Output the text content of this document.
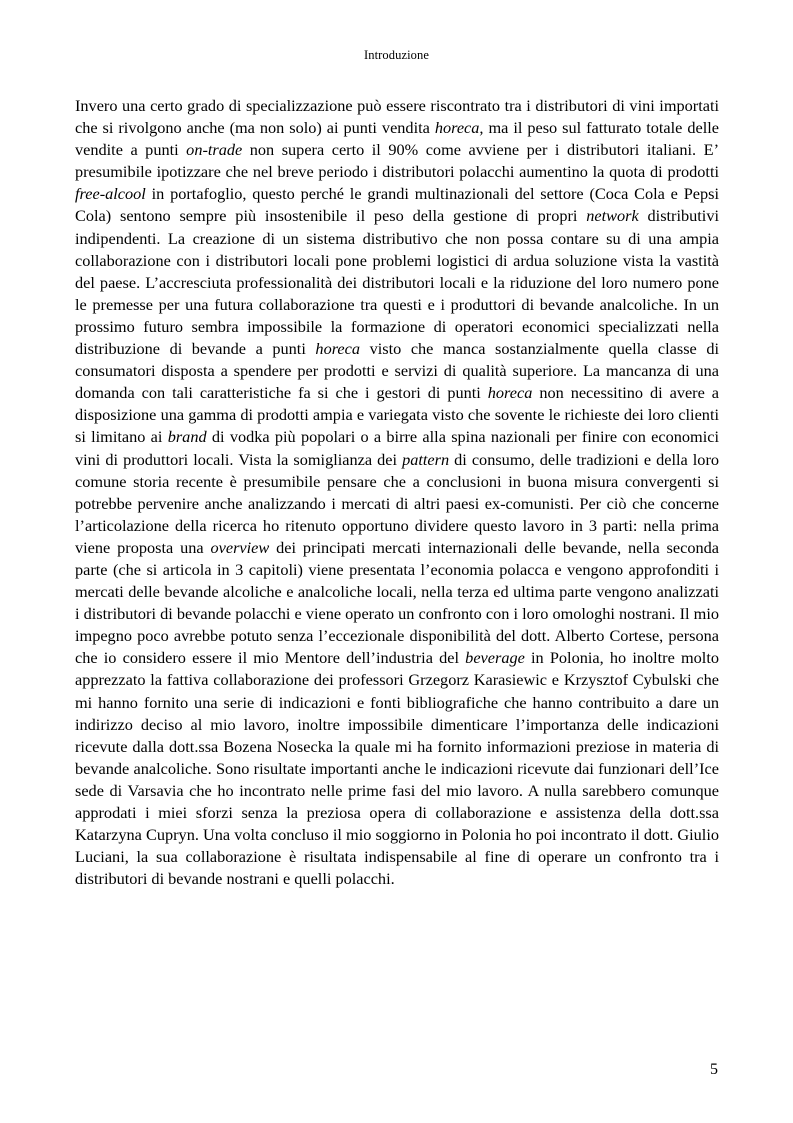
Introduzione

Invero una certo grado di specializzazione può essere riscontrato tra i distributori di vini importati che si rivolgono anche (ma non solo) ai punti vendita horeca, ma il peso sul fatturato totale delle vendite a punti on-trade non supera certo il 90% come avviene per i distributori italiani. E’ presumibile ipotizzare che nel breve periodo i distributori polacchi aumentino la quota di prodotti free-alcool in portafoglio, questo perché le grandi multinazionali del settore (Coca Cola e Pepsi Cola) sentono sempre più insostenibile il peso della gestione di propri network distributivi indipendenti. La creazione di un sistema distributivo che non possa contare su di una ampia collaborazione con i distributori locali pone problemi logistici di ardua soluzione vista la vastità del paese. L’accresciuta professionalità dei distributori locali e la riduzione del loro numero pone le premesse per una futura collaborazione tra questi e i produttori di bevande analcoliche. In un prossimo futuro sembra impossibile la formazione di operatori economici specializzati nella distribuzione di bevande a punti horeca visto che manca sostanzialmente quella classe di consumatori disposta a spendere per prodotti e servizi di qualità superiore. La mancanza di una domanda con tali caratteristiche fa si che i gestori di punti horeca non necessitino di avere a disposizione una gamma di prodotti ampia e variegata visto che sovente le richieste dei loro clienti si limitano ai brand di vodka più popolari o a birre alla spina nazionali per finire con economici vini di produttori locali. Vista la somiglianza dei pattern di consumo, delle tradizioni e della loro comune storia recente è presumibile pensare che a conclusioni in buona misura convergenti si potrebbe pervenire anche analizzando i mercati di altri paesi ex-comunisti. Per ciò che concerne l’articolazione della ricerca ho ritenuto opportuno dividere questo lavoro in 3 parti: nella prima viene proposta una overview dei principati mercati internazionali delle bevande, nella seconda parte (che si articola in 3 capitoli) viene presentata l’economia polacca e vengono approfonditi i mercati delle bevande alcoliche e analcoliche locali, nella terza ed ultima parte vengono analizzati i distributori di bevande polacchi e viene operato un confronto con i loro omologhi nostrani. Il mio impegno poco avrebbe potuto senza l’eccezionale disponibilità del dott. Alberto Cortese, persona che io considero essere il mio Mentore dell’industria del beverage in Polonia, ho inoltre molto apprezzato la fattiva collaborazione dei professori Grzegorz Karasiewic e Krzysztof Cybulski che mi hanno fornito una serie di indicazioni e fonti bibliografiche che hanno contribuito a dare un indirizzo deciso al mio lavoro, inoltre impossibile dimenticare l’importanza delle indicazioni ricevute dalla dott.ssa Bozena Nosecka la quale mi ha fornito informazioni preziose in materia di bevande analcoliche. Sono risultate importanti anche le indicazioni ricevute dai funzionari dell’Ice sede di Varsavia che ho incontrato nelle prime fasi del mio lavoro. A nulla sarebbero comunque approdati i miei sforzi senza la preziosa opera di collaborazione e assistenza della dott.ssa Katarzyna Cupryn. Una volta concluso il mio soggiorno in Polonia ho poi incontrato il dott. Giulio Luciani, la sua collaborazione è risultata indispensabile al fine di operare un confronto tra i distributori di bevande nostrani e quelli polacchi.

5
